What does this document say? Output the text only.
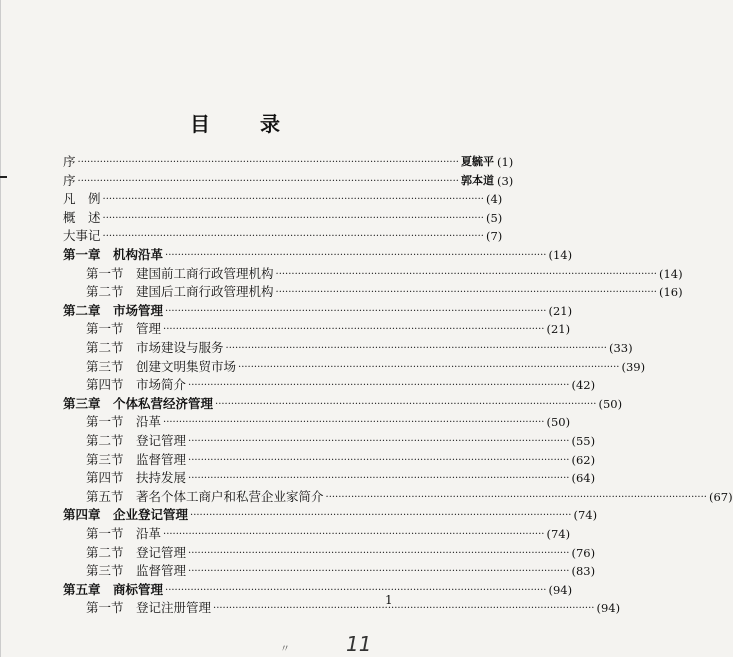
目	录
序 ························································································································ 夏毓平 (1)
序 ························································································································ 郭本道 (3)
凡　例 ························································································································ (4)
概　述 ························································································································ (5)
大事记 ························································································································ (7)
第一章　机构沿革 ························································································································ (14)
第一节　建国前工商行政管理机构 ························································································································ (14)
第二节　建国后工商行政管理机构 ························································································································ (16)
第二章　市场管理 ························································································································ (21)
第一节　管理 ························································································································ (21)
第二节　市场建设与服务 ························································································································ (33)
第三节　创建文明集贸市场 ························································································································ (39)
第四节　市场简介 ························································································································ (42)
第三章　个体私营经济管理 ························································································································ (50)
第一节　沿革 ························································································································ (50)
第二节　登记管理 ························································································································ (55)
第三节　监督管理 ························································································································ (62)
第四节　扶持发展 ························································································································ (64)
第五节　著名个体工商户和私营企业家简介 ························································································································ (67)
第四章　企业登记管理 ························································································································ (74)
第一节　沿革 ························································································································ (74)
第二节　登记管理 ························································································································ (76)
第三节　监督管理 ························································································································ (83)
第五章　商标管理 ························································································································ (94)
第一节　登记注册管理 ························································································································ (94)
1
11
〃
